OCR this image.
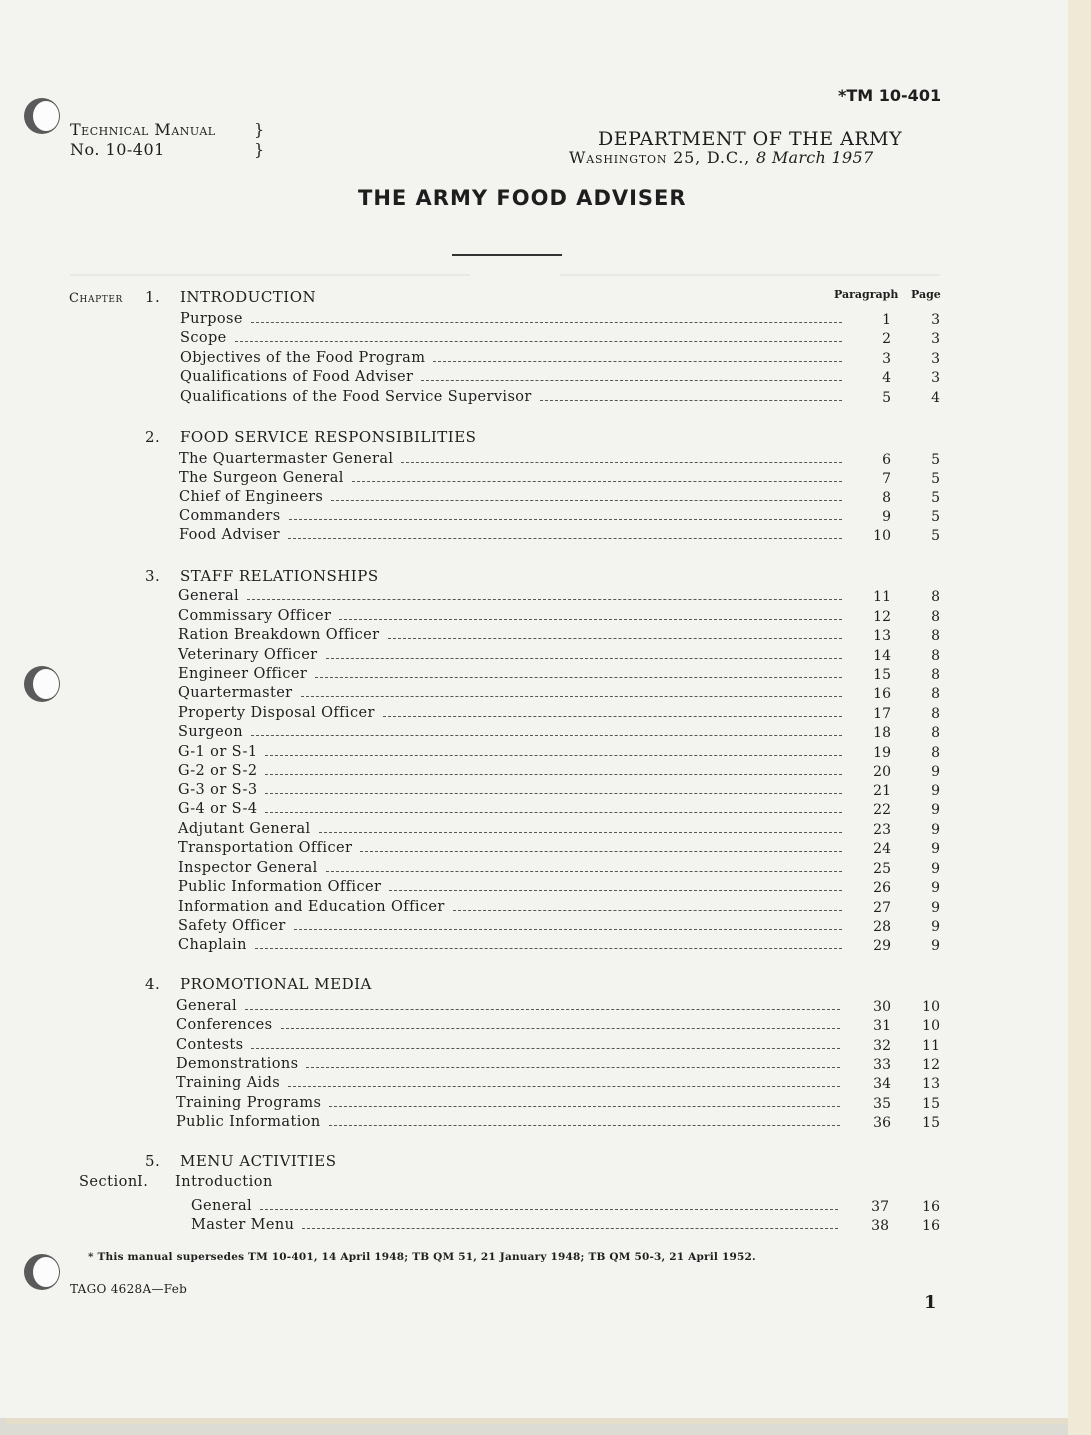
*TM 10-401
Technical Manual
No. 10-401
}
}	DEPARTMENT OF THE ARMY
Washington 25, D.C., 8 March 1957
THE ARMY FOOD ADVISER
Paragraph Page
Chapter 1. INTRODUCTION
Purpose	1	3
Scope	2	3
Objectives of the Food Program	3	3
Qualifications of Food Adviser	4	3
Qualifications of the Food Service Supervisor	5	4
2. FOOD SERVICE RESPONSIBILITIES
The Quartermaster General	6	5
The Surgeon General	7	5
Chief of Engineers	8	5
Commanders	9	5
Food Adviser	10	5
3. STAFF RELATIONSHIPS
General	11	8
Commissary Officer	12	8
Ration Breakdown Officer	13	8
Veterinary Officer	14	8
Engineer Officer	15	8
Quartermaster	16	8
Property Disposal Officer	17	8
Surgeon	18	8
G-1 or S-1	19	8
G-2 or S-2	20	9
G-3 or S-3	21	9
G-4 or S-4	22	9
Adjutant General	23	9
Transportation Officer	24	9
Inspector General	25	9
Public Information Officer	26	9
Information and Education Officer	27	9
Safety Officer	28	9
Chaplain	29	9
4. PROMOTIONAL MEDIA
General	30	10
Conferences	31	10
Contests	32	11
Demonstrations	33	12
Training Aids	34	13
Training Programs	35	15
Public Information	36	15
5. MENU ACTIVITIES
SectionI. Introduction
General	37	16
Master Menu	38	16
* This manual supersedes TM 10-401, 14 April 1948; TB QM 51, 21 January 1948; TB QM 50-3, 21 April 1952.
TAGO 4628A—Feb
1
